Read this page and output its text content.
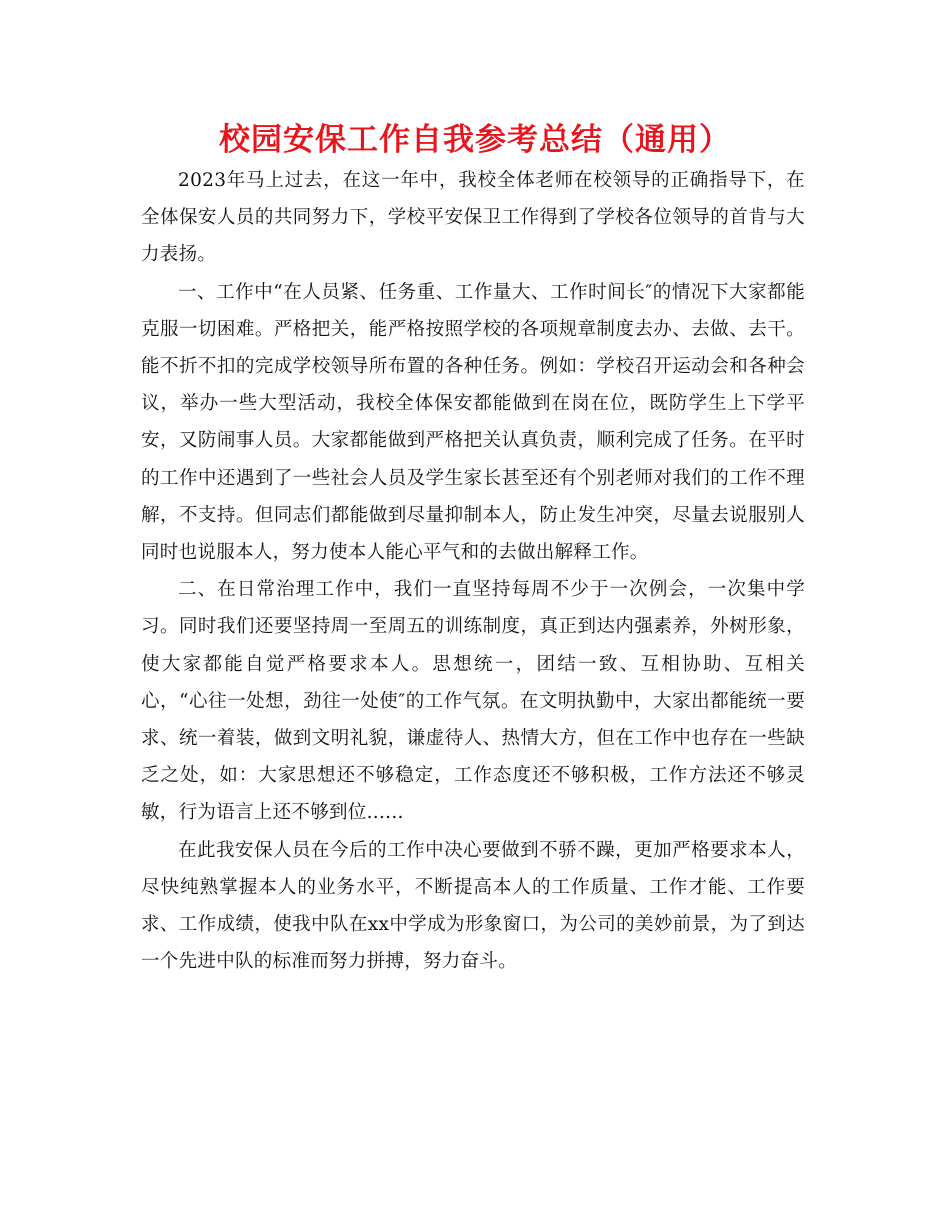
校园安保工作自我参考总结（通用）

2023年马上过去，在这一年中，我校全体老师在校领导的正确指导下，在全体保安人员的共同努力下，学校平安保卫工作得到了学校各位领导的首肯与大力表扬。

一、工作中“在人员紧、任务重、工作量大、工作时间长″的情况下大家都能克服一切困难。严格把关，能严格按照学校的各项规章制度去办、去做、去干。能不折不扣的完成学校领导所布置的各种任务。例如：学校召开运动会和各种会议，举办一些大型活动，我校全体保安都能做到在岗在位，既防学生上下学平安，又防闹事人员。大家都能做到严格把关认真负责，顺利完成了任务。在平时的工作中还遇到了一些社会人员及学生家长甚至还有个别老师对我们的工作不理解，不支持。但同志们都能做到尽量抑制本人，防止发生冲突，尽量去说服别人同时也说服本人，努力使本人能心平气和的去做出解释工作。

二、在日常治理工作中，我们一直坚持每周不少于一次例会，一次集中学习。同时我们还要坚持周一至周五的训练制度，真正到达内强素养，外树形象，使大家都能自觉严格要求本人。思想统一，团结一致、互相协助、互相关心，“心往一处想，劲往一处使″的工作气氛。在文明执勤中，大家出都能统一要求、统一着装，做到文明礼貌，谦虚待人、热情大方，但在工作中也存在一些缺乏之处，如：大家思想还不够稳定，工作态度还不够积极，工作方法还不够灵敏，行为语言上还不够到位......

在此我安保人员在今后的工作中决心要做到不骄不躁，更加严格要求本人，尽快纯熟掌握本人的业务水平，不断提高本人的工作质量、工作才能、工作要求、工作成绩，使我中队在xx中学成为形象窗口，为公司的美妙前景，为了到达一个先进中队的标准而努力拼搏，努力奋斗。
